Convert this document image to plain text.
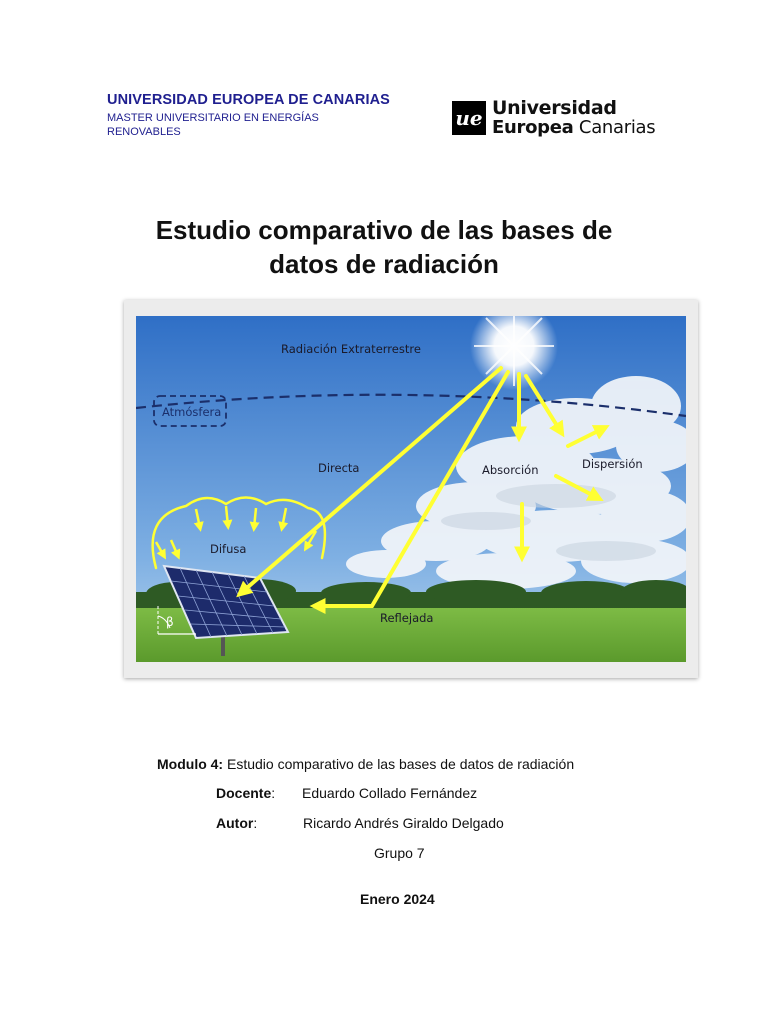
UNIVERSIDAD EUROPEA DE CANARIAS
MASTER UNIVERSITARIO EN ENERGÍAS RENOVABLES
ue Universidad
Europea Canarias
Estudio comparativo de las bases de
datos de radiación
Radiación Extraterrestre
Atmósfera
Directa	Absorción	Dispersión
Difusa
Reflejada
β
Modulo 4: Estudio comparativo de las bases de datos de radiación
Docente: Eduardo Collado Fernández
Autor:	Ricardo Andrés Giraldo Delgado
Grupo 7
Enero 2024
